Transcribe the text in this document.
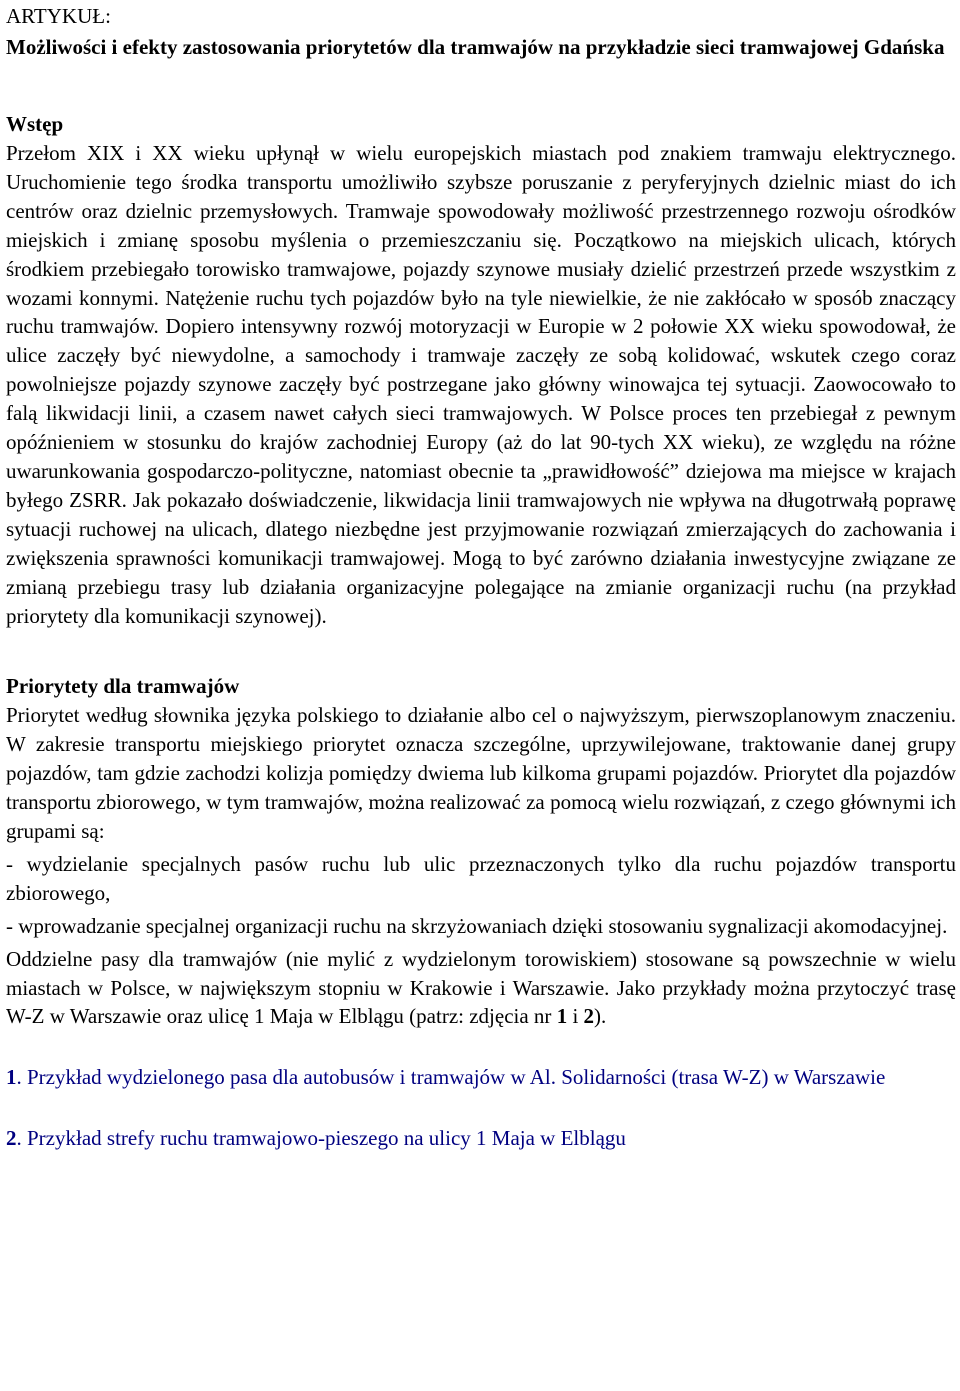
ARTYKUŁ:

Możliwości i efekty zastosowania priorytetów dla tramwajów na przykładzie sieci tramwajowej Gdańska
Wstęp

Przełom XIX i XX wieku upłynął w wielu europejskich miastach pod znakiem tramwaju elektrycznego. Uruchomienie tego środka transportu umożliwiło szybsze poruszanie z peryferyjnych dzielnic miast do ich centrów oraz dzielnic przemysłowych. Tramwaje spowodowały możliwość przestrzennego rozwoju ośrodków miejskich i zmianę sposobu myślenia o przemieszczaniu się. Początkowo na miejskich ulicach, których środkiem przebiegało torowisko tramwajowe, pojazdy szynowe musiały dzielić przestrzeń przede wszystkim z wozami konnymi. Natężenie ruchu tych pojazdów było na tyle niewielkie, że nie zakłócało w sposób znaczący ruchu tramwajów. Dopiero intensywny rozwój motoryzacji w Europie w 2 połowie XX wieku spowodował, że ulice zaczęły być niewydolne, a samochody i tramwaje zaczęły ze sobą kolidować, wskutek czego coraz powolniejsze pojazdy szynowe zaczęły być postrzegane jako główny winowajca tej sytuacji. Zaowocowało to falą likwidacji linii, a czasem nawet całych sieci tramwajowych. W Polsce proces ten przebiegał z pewnym opóźnieniem w stosunku do krajów zachodniej Europy (aż do lat 90-tych XX wieku), ze względu na różne uwarunkowania gospodarczo-polityczne, natomiast obecnie ta „prawidłowość” dziejowa ma miejsce w krajach byłego ZSRR. Jak pokazało doświadczenie, likwidacja linii tramwajowych nie wpływa na długotrwałą poprawę sytuacji ruchowej na ulicach, dlatego niezbędne jest przyjmowanie rozwiązań zmierzających do zachowania i zwiększenia sprawności komunikacji tramwajowej. Mogą to być zarówno działania inwestycyjne związane ze zmianą przebiegu trasy lub działania organizacyjne polegające na zmianie organizacji ruchu (na przykład priorytety dla komunikacji szynowej).

Priorytety dla tramwajów

Priorytet według słownika języka polskiego to działanie albo cel o najwyższym, pierwszoplanowym znaczeniu. W zakresie transportu miejskiego priorytet oznacza szczególne, uprzywilejowane, traktowanie danej grupy pojazdów, tam gdzie zachodzi kolizja pomiędzy dwiema lub kilkoma grupami pojazdów. Priorytet dla pojazdów transportu zbiorowego, w tym tramwajów, można realizować za pomocą wielu rozwiązań, z czego głównymi ich grupami są:

- wydzielanie specjalnych pasów ruchu lub ulic przeznaczonych tylko dla ruchu pojazdów transportu zbiorowego,

- wprowadzanie specjalnej organizacji ruchu na skrzyżowaniach dzięki stosowaniu sygnalizacji akomodacyjnej.

Oddzielne pasy dla tramwajów (nie mylić z wydzielonym torowiskiem) stosowane są powszechnie w wielu miastach w Polsce, w największym stopniu w Krakowie i Warszawie. Jako przykłady można przytoczyć trasę W-Z w Warszawie oraz ulicę 1 Maja w Elblągu (patrz: zdjęcia nr 1 i 2).

1. Przykład wydzielonego pasa dla autobusów i tramwajów w Al. Solidarności (trasa W-Z) w Warszawie

2. Przykład strefy ruchu tramwajowo-pieszego na ulicy 1 Maja w Elblągu
